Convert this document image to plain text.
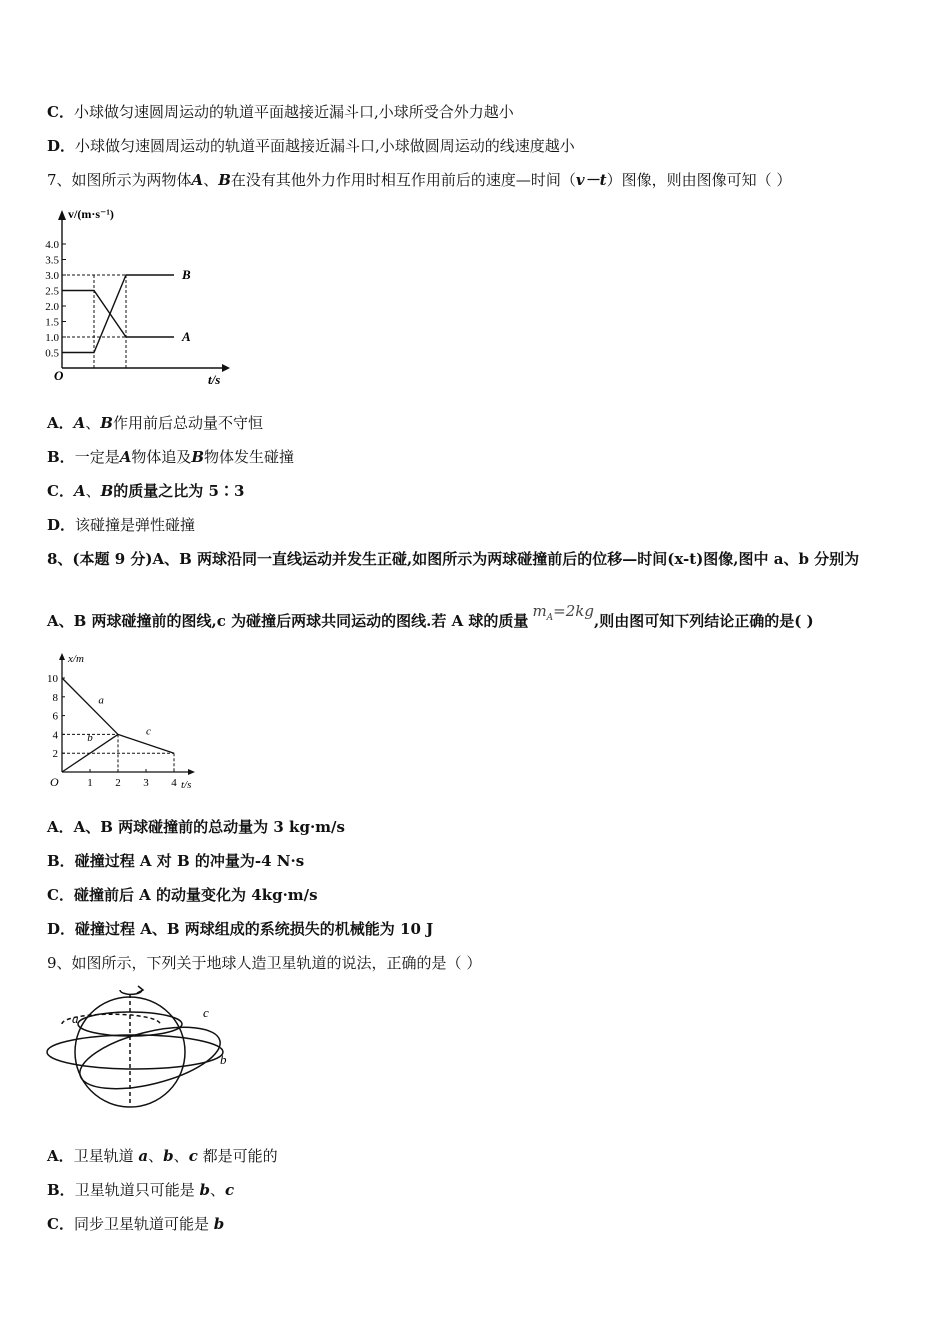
C．小球做匀速圆周运动的轨道平面越接近漏斗口,小球所受合外力越小
D．小球做匀速圆周运动的轨道平面越接近漏斗口,小球做圆周运动的线速度越小
7、如图所示为两物体A、B在没有其他外力作用时相互作用前后的速度—时间（v－t）图像，则由图像可知（ ）
0.5
1.0
1.5
2.0
2.5
3.0
3.5
4.0
v/(m·s⁻¹)
t/s
O
A
B
A．A、B作用前后总动量不守恒
B．一定是A物体追及B物体发生碰撞
C．A、B的质量之比为 5∶3
D．该碰撞是弹性碰撞
8、(本题 9 分)A、B 两球沿同一直线运动并发生正碰,如图所示为两球碰撞前后的位移—时间(x-t)图像,图中 a、b 分别为
A、B 两球碰撞前的图线,c 为碰撞后两球共同运动的图线.若 A 球的质量$m_A=2kg$,则由图可知下列结论正确的是( )
2
4
6
8
10
1 2 3 4
x/m
t/s
O
a
b
c
A．A、B 两球碰撞前的总动量为 3 kg·m/s
B．碰撞过程 A 对 B 的冲量为-4 N·s
C．碰撞前后 A 的动量变化为 4kg·m/s
D．碰撞过程 A、B 两球组成的系统损失的机械能为 10 J
9、如图所示，下列关于地球人造卫星轨道的说法，正确的是（ ）
a
b
c
A．卫星轨道 a、b、c 都是可能的
B．卫星轨道只可能是 b、c
C．同步卫星轨道可能是 b
